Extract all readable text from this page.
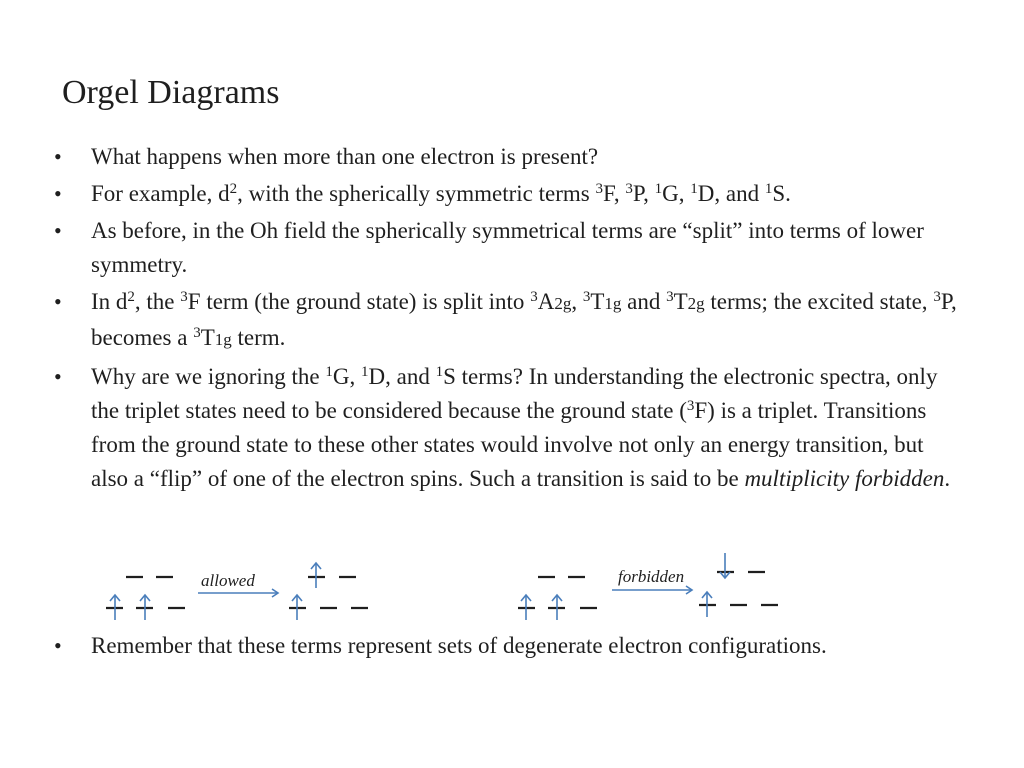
Orgel Diagrams
• What happens when more than one electron is present?
• For example, $d^2$, with the spherically symmetric terms $^3$F, $^3$P, $^1$G, $^1$D, and $^1$S.
• As before, in the Oh field the spherically symmetrical terms are “split” into terms of lower symmetry.
• In $d^2$, the $^3$F term (the ground state) is split into $^3$A2g, $^3$T1g and $^3$T2g terms; the excited state, $^3$P, becomes a $^3$T1g term.
• Why are we ignoring the $^1$G, $^1$D, and $^1$S terms? In understanding the electronic spectra, only the triplet states need to be considered because the ground state ($^3$F) is a triplet. Transitions from the ground state to these other states would involve not only an energy transition, but also a “flip” of one of the electron spins. Such a transition is said to be multiplicity forbidden.
allowed	forbidden
• Remember that these terms represent sets of degenerate electron configurations.
